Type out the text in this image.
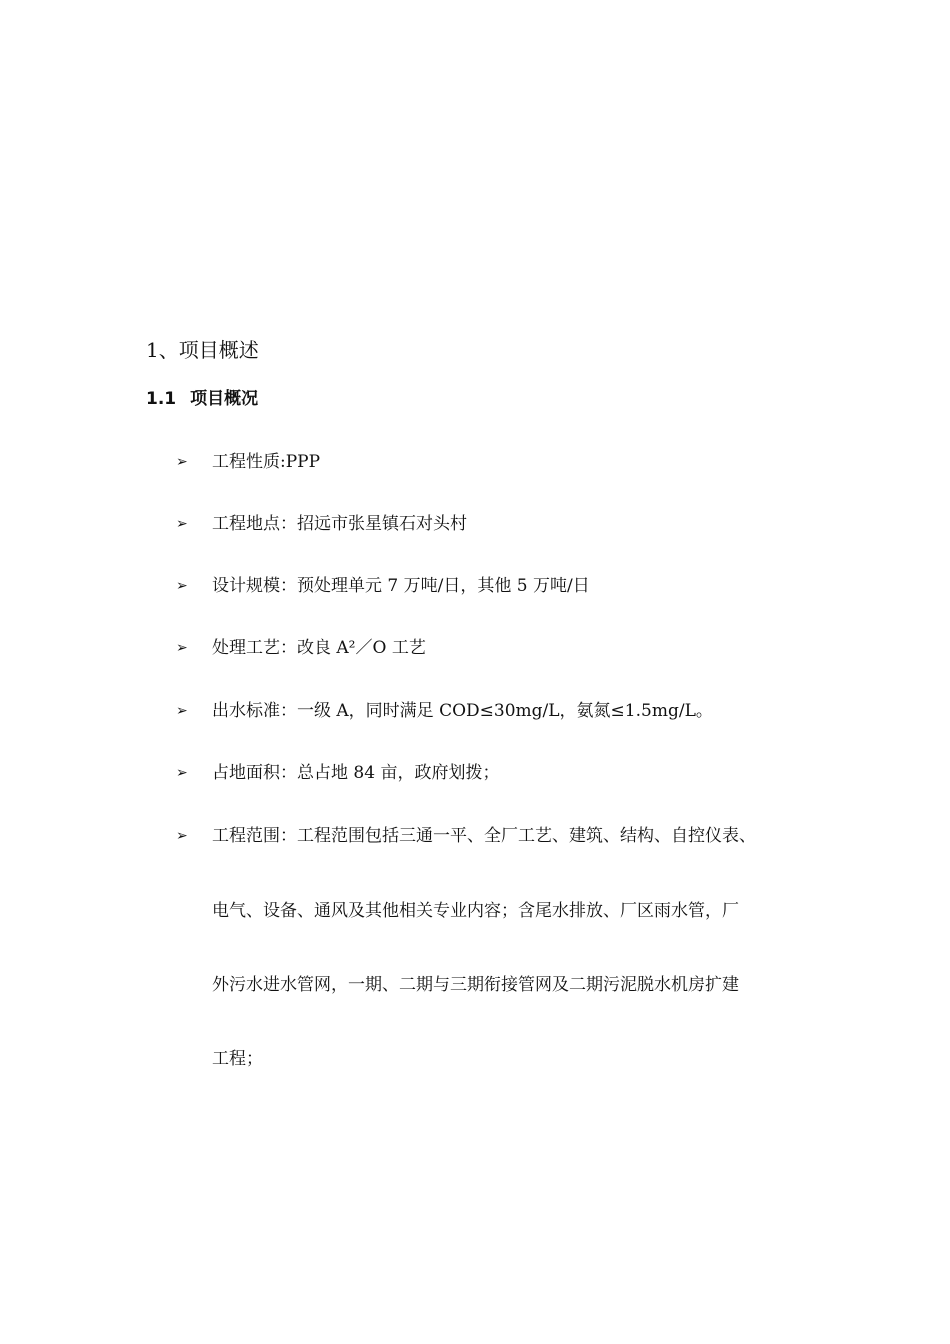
1、项目概述
1.1 项目概况
➢ 工程性质:PPP
➢ 工程地点：招远市张星镇石对头村
➢ 设计规模：预处理单元 7 万吨/日，其他 5 万吨/日
➢ 处理工艺：改良 A²／O 工艺
➢ 出水标准：一级 A，同时满足 COD≤30mg/L，氨氮≤1.5mg/L。
➢ 占地面积：总占地 84 亩，政府划拨；
➢ 工程范围：工程范围包括三通一平、全厂工艺、建筑、结构、自控仪表、
电气、设备、通风及其他相关专业内容；含尾水排放、厂区雨水管，厂
外污水进水管网，一期、二期与三期衔接管网及二期污泥脱水机房扩建
工程；
